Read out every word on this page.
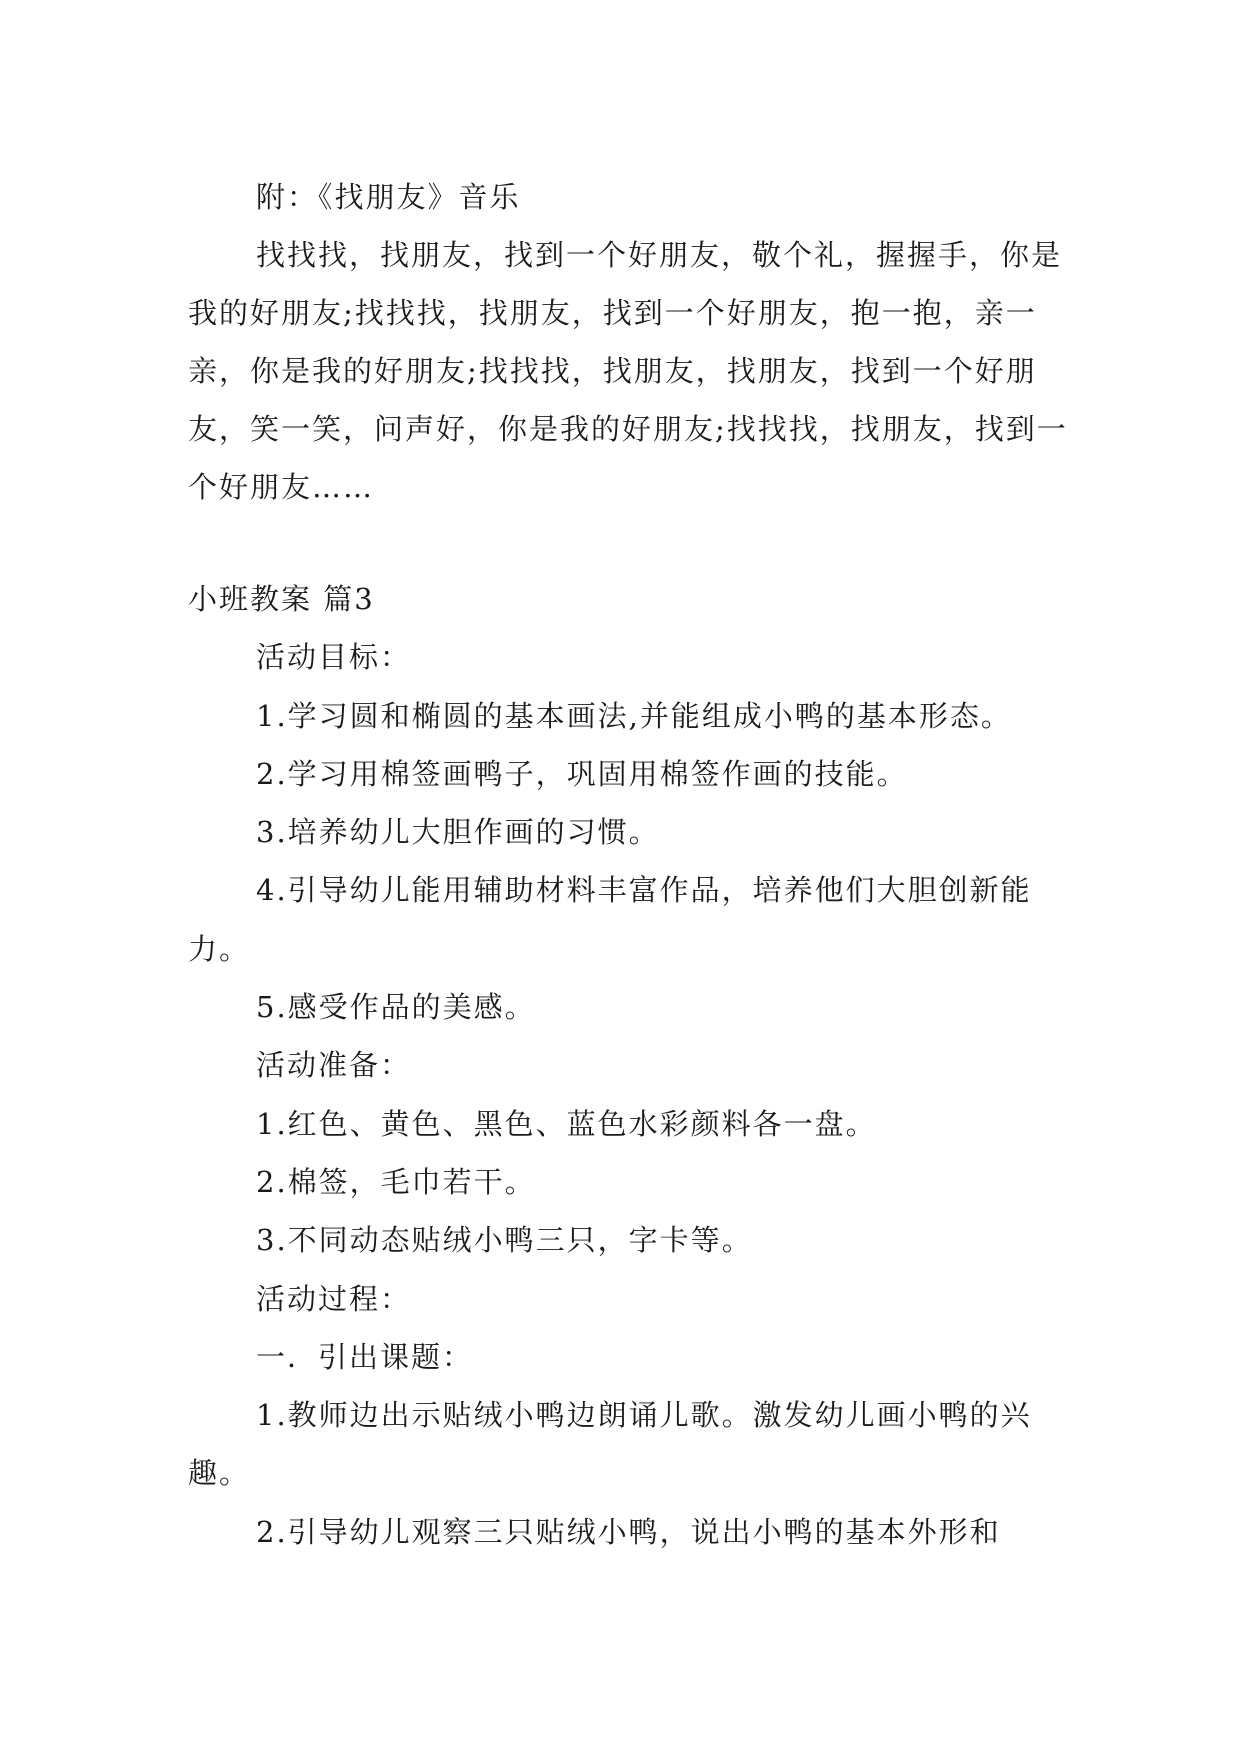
附：《找朋友》音乐

找找找，找朋友，找到一个好朋友，敬个礼，握握手，你是我的好朋友;找找找，找朋友，找到一个好朋友，抱一抱，亲一亲，你是我的好朋友;找找找，找朋友，找朋友，找到一个好朋友，笑一笑，问声好，你是我的好朋友;找找找，找朋友，找到一个好朋友……

小班教案 篇3

活动目标：

1.学习圆和椭圆的基本画法,并能组成小鸭的基本形态。

2.学习用棉签画鸭子，巩固用棉签作画的技能。

3.培养幼儿大胆作画的习惯。

4.引导幼儿能用辅助材料丰富作品，培养他们大胆创新能力。

5.感受作品的美感。

活动准备：

1.红色、黄色、黑色、蓝色水彩颜料各一盘。

2.棉签，毛巾若干。

3.不同动态贴绒小鸭三只，字卡等。

活动过程：

一．引出课题：

1.教师边出示贴绒小鸭边朗诵儿歌。激发幼儿画小鸭的兴趣。

2.引导幼儿观察三只贴绒小鸭，说出小鸭的基本外形和
